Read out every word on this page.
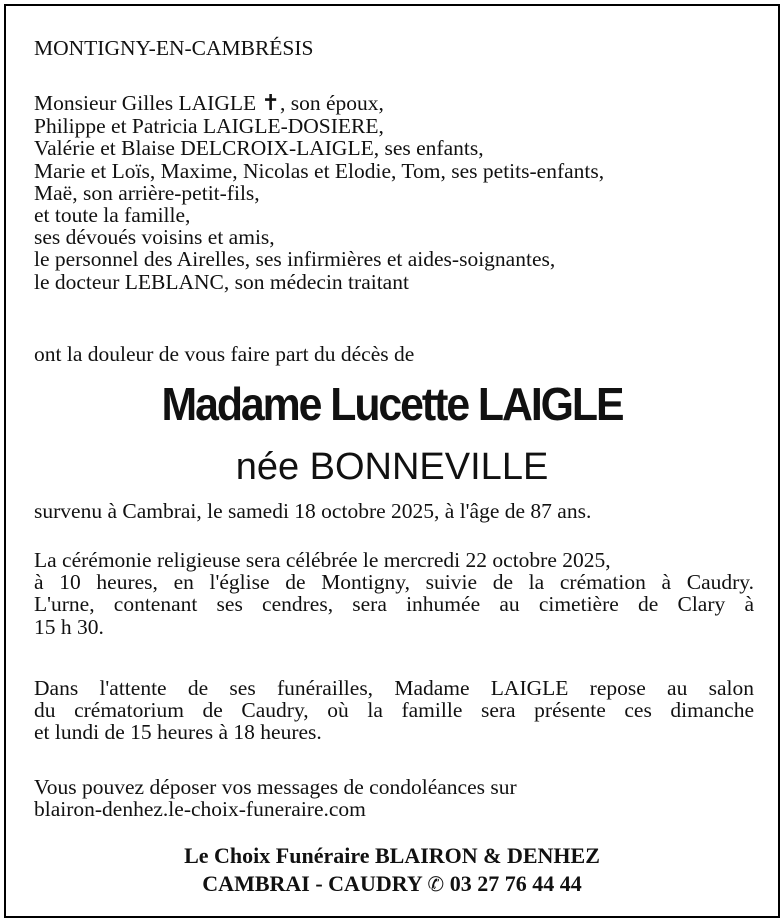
MONTIGNY-EN-CAMBRÉSIS
Monsieur Gilles LAIGLE ✝, son époux,
Philippe et Patricia LAIGLE-DOSIERE,
Valérie et Blaise DELCROIX-LAIGLE, ses enfants,
Marie et Loïs, Maxime, Nicolas et Elodie, Tom, ses petits-enfants,
Maë, son arrière-petit-fils,
et toute la famille,
ses dévoués voisins et amis,
le personnel des Airelles, ses infirmières et aides-soignantes,
le docteur LEBLANC, son médecin traitant
ont la douleur de vous faire part du décès de
Madame Lucette LAIGLE
née BONNEVILLE
survenu à Cambrai, le samedi 18 octobre 2025, à l'âge de 87 ans.
La cérémonie religieuse sera célébrée le mercredi 22 octobre 2025,
à 10 heures, en l'église de Montigny, suivie de la crémation à Caudry.
L'urne, contenant ses cendres, sera inhumée au cimetière de Clary à
15 h 30.
Dans l'attente de ses funérailles, Madame LAIGLE repose au salon
du crématorium de Caudry, où la famille sera présente ces dimanche
et lundi de 15 heures à 18 heures.
Vous pouvez déposer vos messages de condoléances sur
blairon-denhez.le-choix-funeraire.com
Le Choix Funéraire BLAIRON & DENHEZ
CAMBRAI - CAUDRY ✆ 03 27 76 44 44
